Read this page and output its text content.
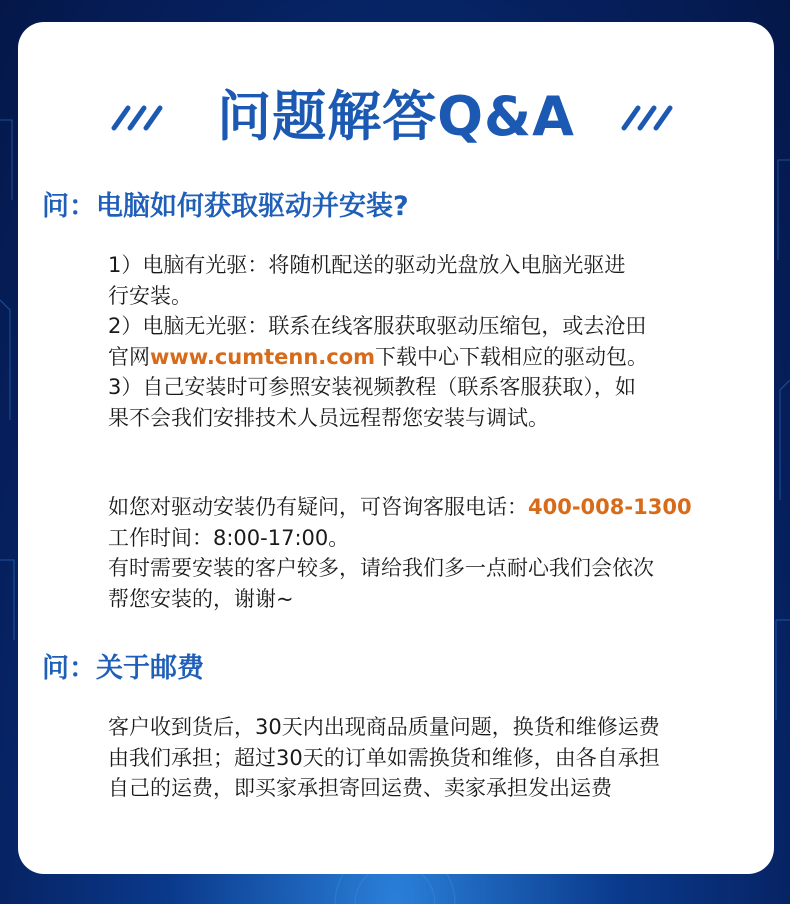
问题解答Q&A
问：电脑如何获取驱动并安装?
1）电脑有光驱：将随机配送的驱动光盘放入电脑光驱进
行安装。
2）电脑无光驱：联系在线客服获取驱动压缩包，或去沧田
官网www.cumtenn.com下载中心下载相应的驱动包。
3）自己安装时可参照安装视频教程（联系客服获取），如
果不会我们安排技术人员远程帮您安装与调试。
如您对驱动安装仍有疑问，可咨询客服电话：400-008-1300
工作时间：8:00-17:00。
有时需要安装的客户较多，请给我们多一点耐心我们会依次
帮您安装的，谢谢~
问：关于邮费
客户收到货后，30天内出现商品质量问题，换货和维修运费
由我们承担；超过30天的订单如需换货和维修，由各自承担
自己的运费，即买家承担寄回运费、卖家承担发出运费
